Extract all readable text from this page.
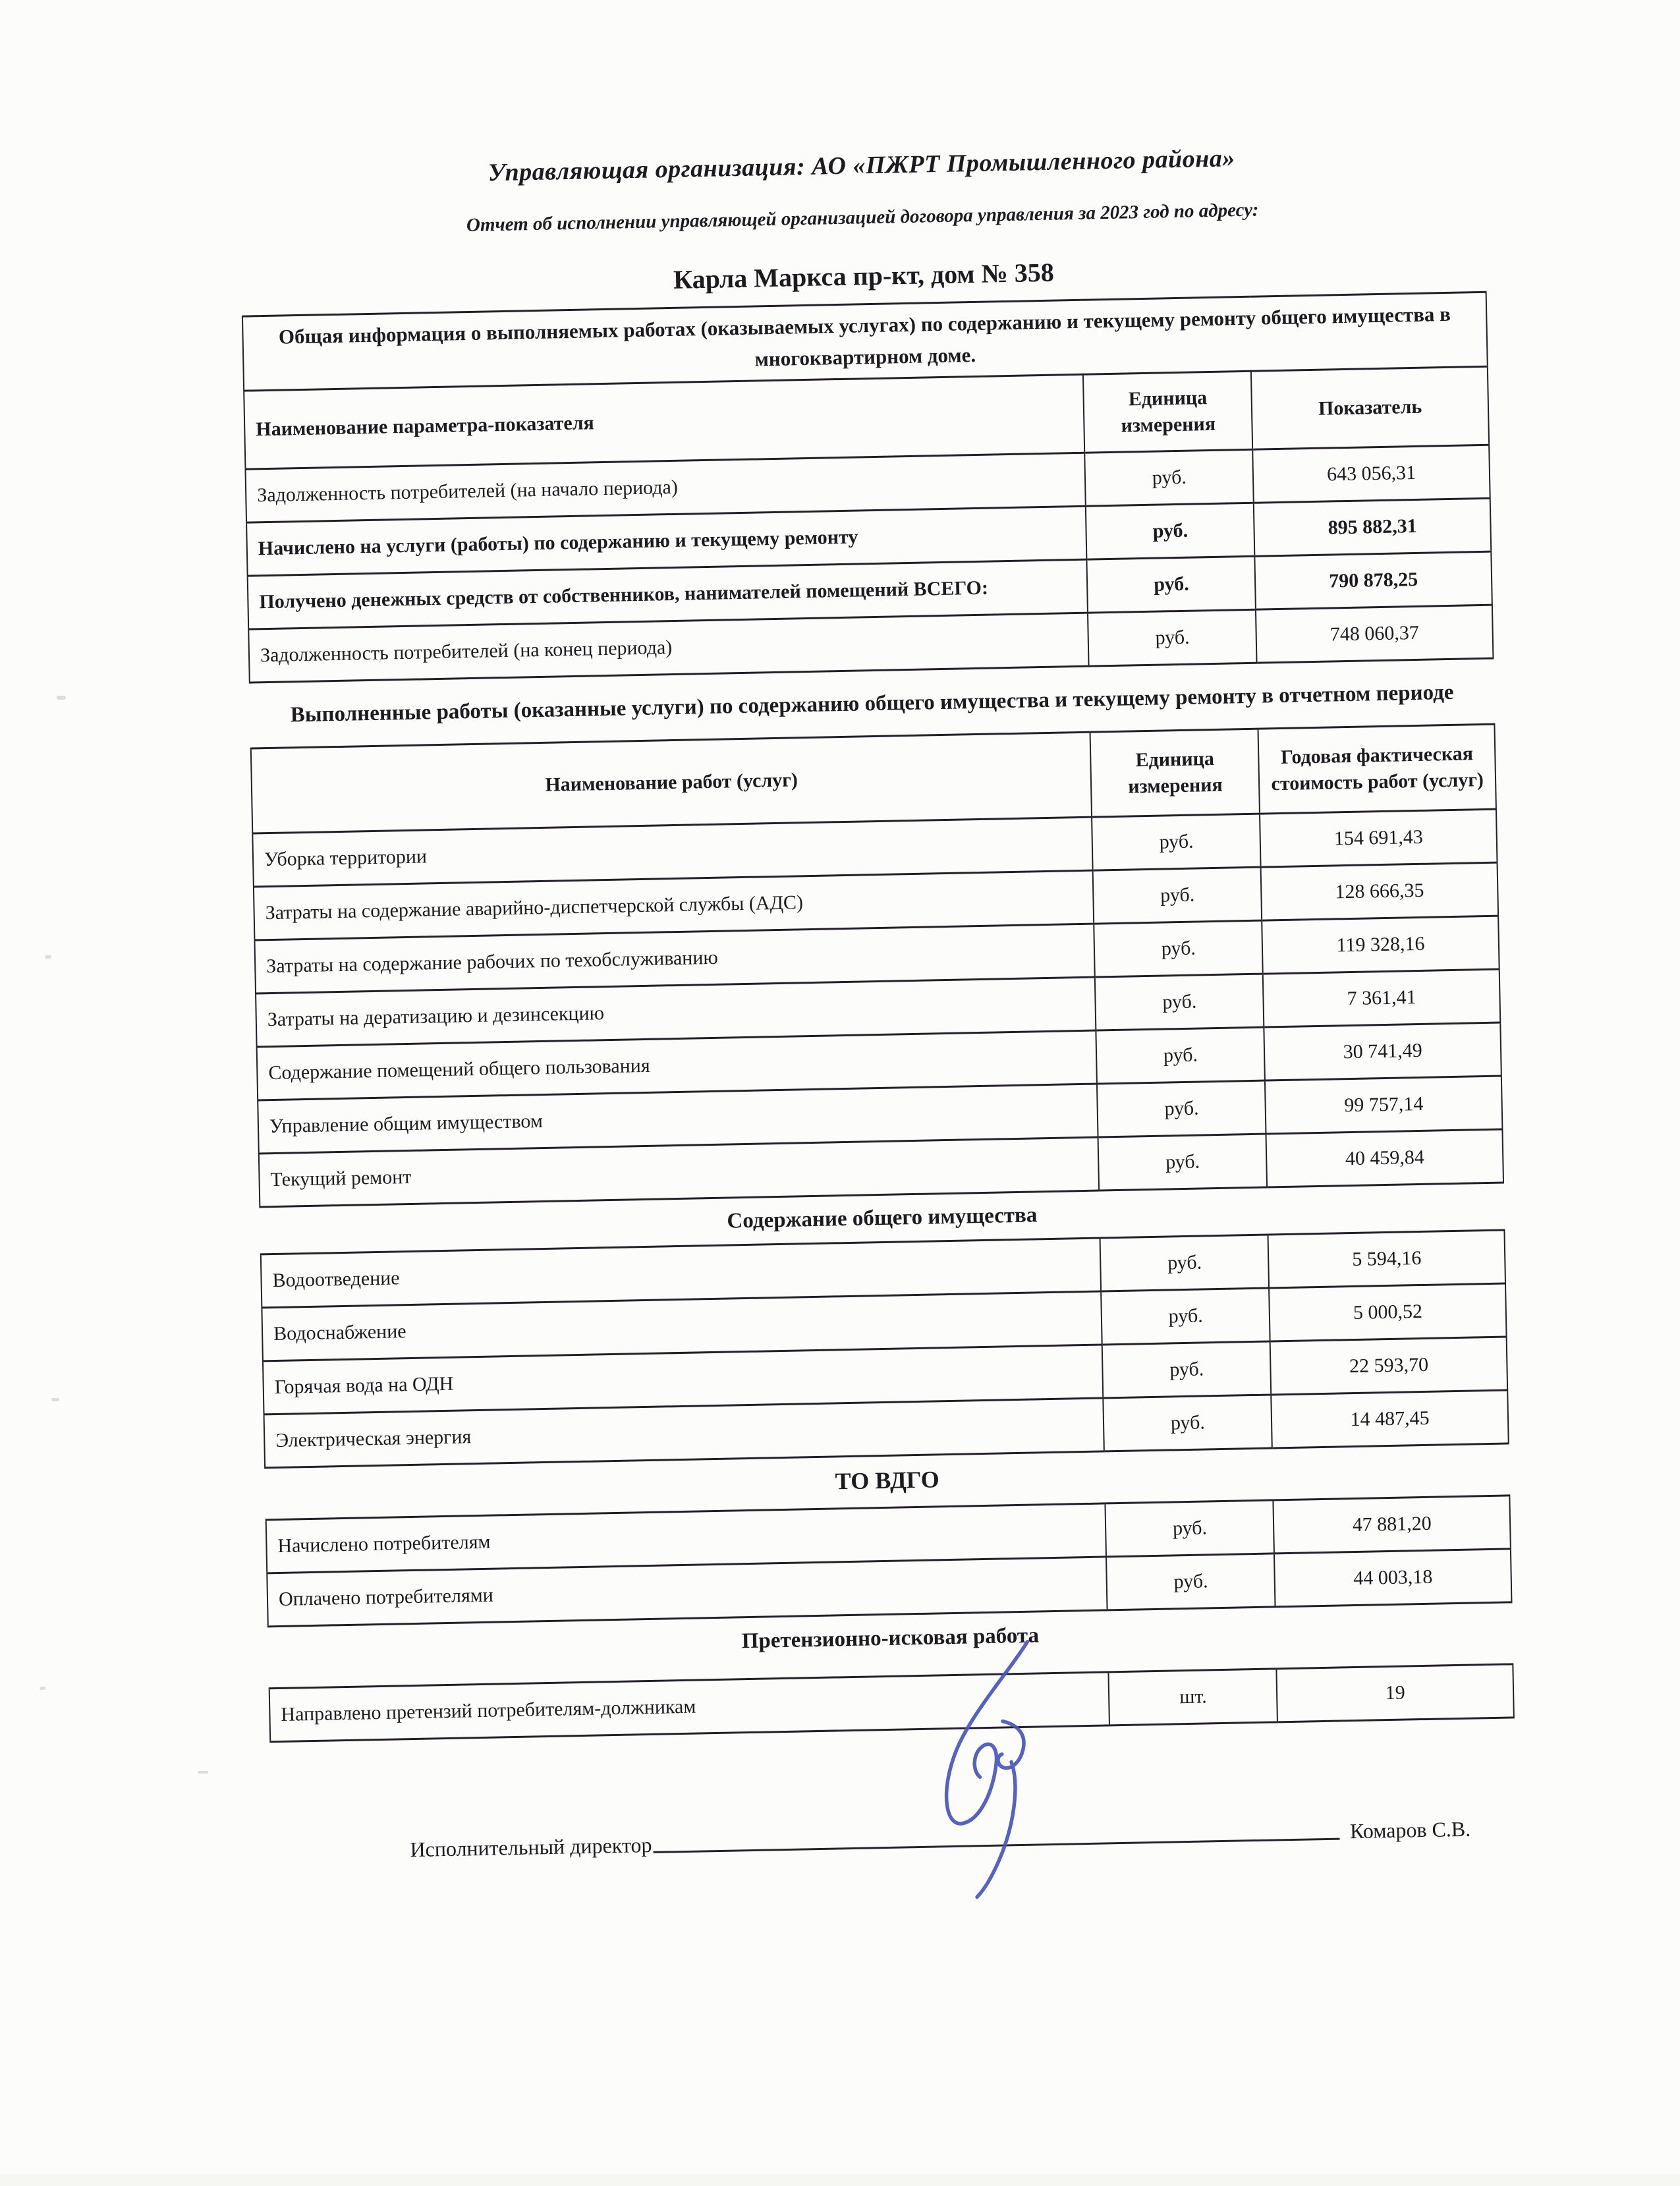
Управляющая организация: АО «ПЖРТ Промышленного района»
Отчет об исполнении управляющей организацией договора управления за 2023 год по адресу:
Карла Маркса пр-кт, дом № 358
Общая информация о выполняемых работах (оказываемых услугах) по содержанию и текущему ремонту общего имущества в многоквартирном доме.		
Наименование параметра-показателя	Единица измерения	Показатель
Задолженность потребителей (на начало периода)	руб.	643 056,31
Начислено на услуги (работы) по содержанию и текущему ремонту	руб.	895 882,31
Получено денежных средств от собственников, нанимателей помещений ВСЕГО:	руб.	790 878,25
Задолженность потребителей (на конец периода)	руб.	748 060,37
Выполненные работы (оказанные услуги) по содержанию общего имущества и текущему ремонту в отчетном периоде
Наименование работ (услуг)	Единица измерения	Годовая фактическая стоимость работ (услуг)
Уборка территории	руб.	154 691,43
Затраты на содержание аварийно-диспетчерской службы (АДС)	руб.	128 666,35
Затраты на содержание рабочих по техобслуживанию	руб.	119 328,16
Затраты на дератизацию и дезинсекцию	руб.	7 361,41
Содержание помещений общего пользования	руб.	30 741,49
Управление общим имуществом	руб.	99 757,14
Текущий ремонт	руб.	40 459,84
Содержание общего имущества
Водоотведение	руб.	5 594,16
Водоснабжение	руб.	5 000,52
Горячая вода на ОДН	руб.	22 593,70
Электрическая энергия	руб.	14 487,45
ТО ВДГО
Начислено потребителям	руб.	47 881,20
Оплачено потребителями	руб.	44 003,18
Претензионно-исковая работа
Направлено претензий потребителям-должникам	шт.	19
Исполнительный директор
Комаров С.В.
